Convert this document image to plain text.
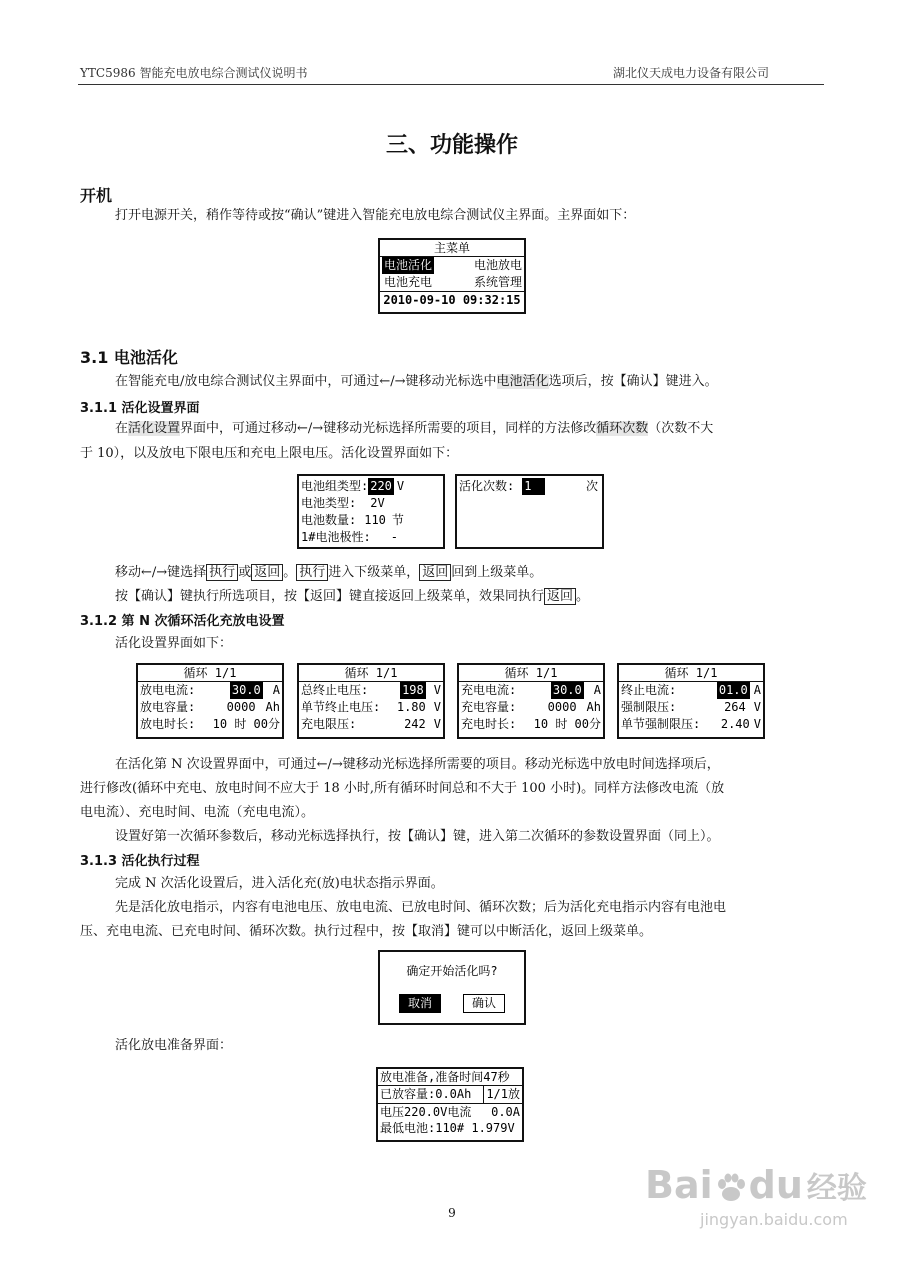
YTC5986 智能充电放电综合测试仪说明书	湖北仪天成电力设备有限公司
三、功能操作
开机
打开电源开关，稍作等待或按“确认”键进入智能充电放电综合测试仪主界面。主界面如下：
主菜单
电池活化	电池放电
电池充电	系统管理
2010-09-10 09:32:15
3.1 电池活化
在智能充电/放电综合测试仪主界面中，可通过←/→键移动光标选中电池活化选项后，按【确认】键进入。
3.1.1 活化设置界面
在活化设置界面中，可通过移动←/→键移动光标选择所需要的项目，同样的方法修改循环次数（次数不大
于 10），以及放电下限电压和充电上限电压。活化设置界面如下：
电池组类型: 220 V
电池类型: 2V
电池数量: 110 节
1#电池极性: -
活化次数: 1	次
移动←/→键选择 执行 或 返回 。 执行 进入下级菜单， 返回 回到上级菜单。
按【确认】键执行所选项目，按【返回】键直接返回上级菜单，效果同执行 返回 。
3.1.2 第 N 次循环活化充放电设置
活化设置界面如下：
循环 1/1
放电电流:	30.0 A
放电容量:	0000 Ah
放电时长: 10 时 00分
循环 1/1
总终止电压:	198 V
单节终止电压: 1.80 V
充电限压:	242 V
循环 1/1
充电电流:	30.0 A
充电容量:	0000 Ah
充电时长: 10 时 00分
循环 1/1
终止电流:	01.0 A
强制限压:	264 V
单节强制限压: 2.40 V
在活化第 N 次设置界面中，可通过←/→键移动光标选择所需要的项目。移动光标选中放电时间选择项后，
进行修改(循环中充电、放电时间不应大于 18 小时,所有循环时间总和不大于 100 小时)。同样方法修改电流（放
电电流）、充电时间、电流（充电电流）。
设置好第一次循环参数后，移动光标选择执行，按【确认】键，进入第二次循环的参数设置界面（同上）。
3.1.3 活化执行过程
完成 N 次活化设置后，进入活化充(放)电状态指示界面。
先是活化放电指示，内容有电池电压、放电电流、已放电时间、循环次数；后为活化充电指示内容有电池电
压、充电电流、已充电时间、循环次数。执行过程中，按【取消】键可以中断活化，返回上级菜单。
确定开始活化吗?
取消	确认
活化放电准备界面：
放电准备,准备时间47秒
已放容量:0.0Ah	1/1放
电压220.0V 电流 0.0A
最低电池:110# 1.979V
9
Bai du 经验
jingyan.baidu.com
